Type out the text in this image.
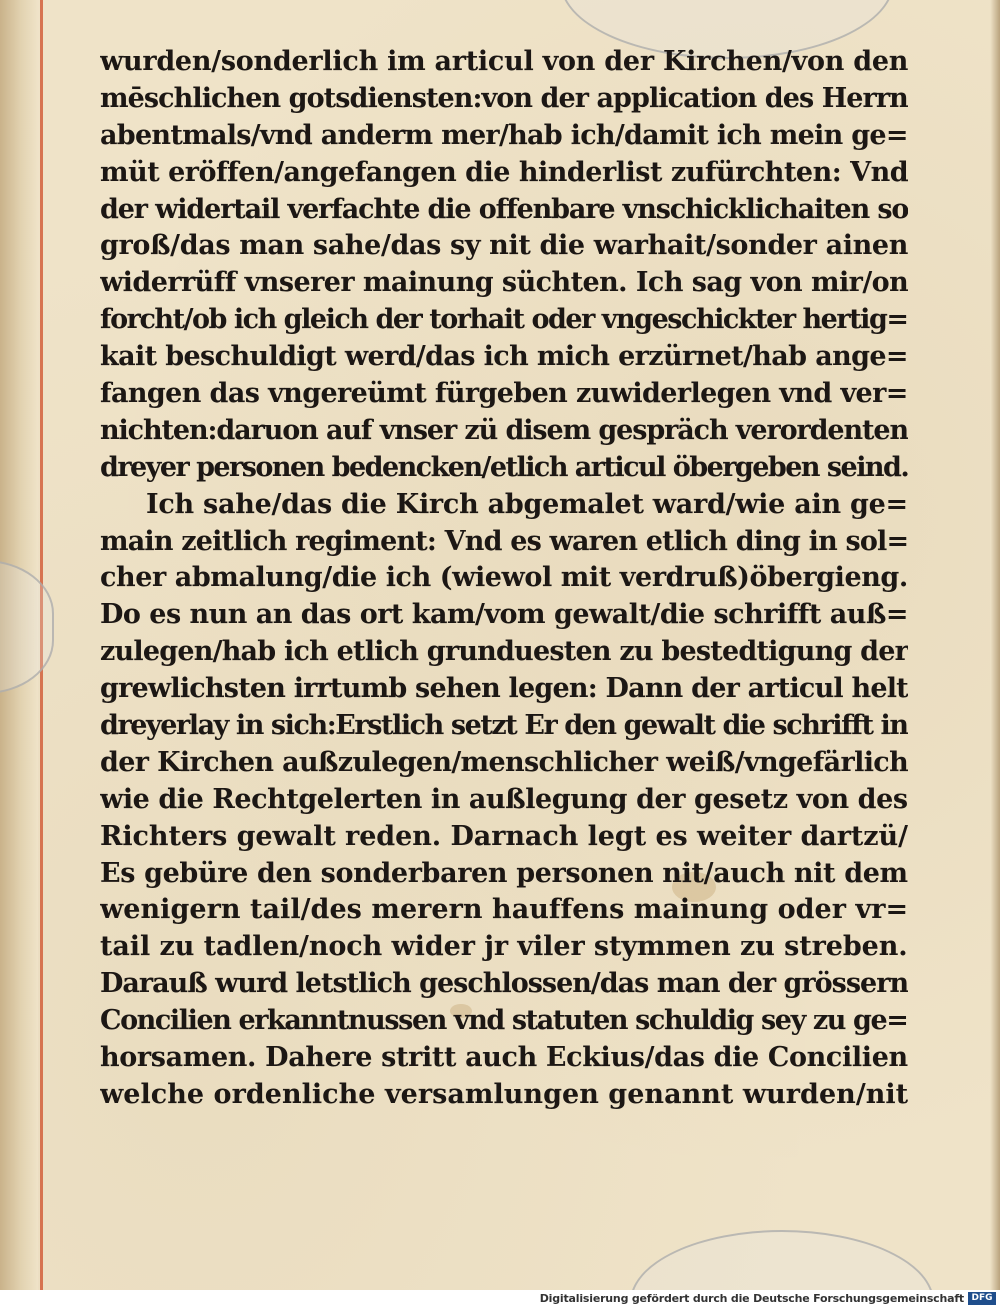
wurden/sonderlich im articul von der Kirchen/von den
mēschlichen gotsdiensten:von der application des Herrn
abentmals/vnd anderm mer/hab ich/damit ich mein ge=
müt eröffen/angefangen die hinderlist zufürchten: Vnd
der widertail verfachte die offenbare vnschicklichaiten so
groß/das man sahe/das sy nit die warhait/sonder ainen
widerrüff vnserer mainung süchten. Ich sag von mir/on
forcht/ob ich gleich der torhait oder vngeschickter hertig=
kait beschuldigt werd/das ich mich erzürnet/hab ange=
fangen das vngereümt fürgeben zuwiderlegen vnd ver=
nichten:daruon auf vnser zü disem gespräch verordenten
dreyer personen bedencken/etlich articul öbergeben seind.
Ich sahe/das die Kirch abgemalet ward/wie ain ge=
main zeitlich regiment: Vnd es waren etlich ding in sol=
cher abmalung/die ich (wiewol mit verdruß)öbergieng.
Do es nun an das ort kam/vom gewalt/die schrifft auß=
zulegen/hab ich etlich grunduesten zu bestedtigung der
grewlichsten irrtumb sehen legen: Dann der articul helt
dreyerlay in sich:Erstlich setzt Er den gewalt die schrifft in
der Kirchen außzulegen/menschlicher weiß/vngefärlich
wie die Rechtgelerten in außlegung der gesetz von des
Richters gewalt reden. Darnach legt es weiter dartzü/
Es gebüre den sonderbaren personen nit/auch nit dem
wenigern tail/des merern hauffens mainung oder vr=
tail zu tadlen/noch wider jr viler stymmen zu streben.
Darauß wurd letstlich geschlossen/das man der grössern
Concilien erkanntnussen vnd statuten schuldig sey zu ge=
horsamen. Dahere stritt auch Eckius/das die Concilien
welche ordenliche versamlungen genannt wurden/nit
Digitalisierung gefördert durch die Deutsche Forschungsgemeinschaft DFG
